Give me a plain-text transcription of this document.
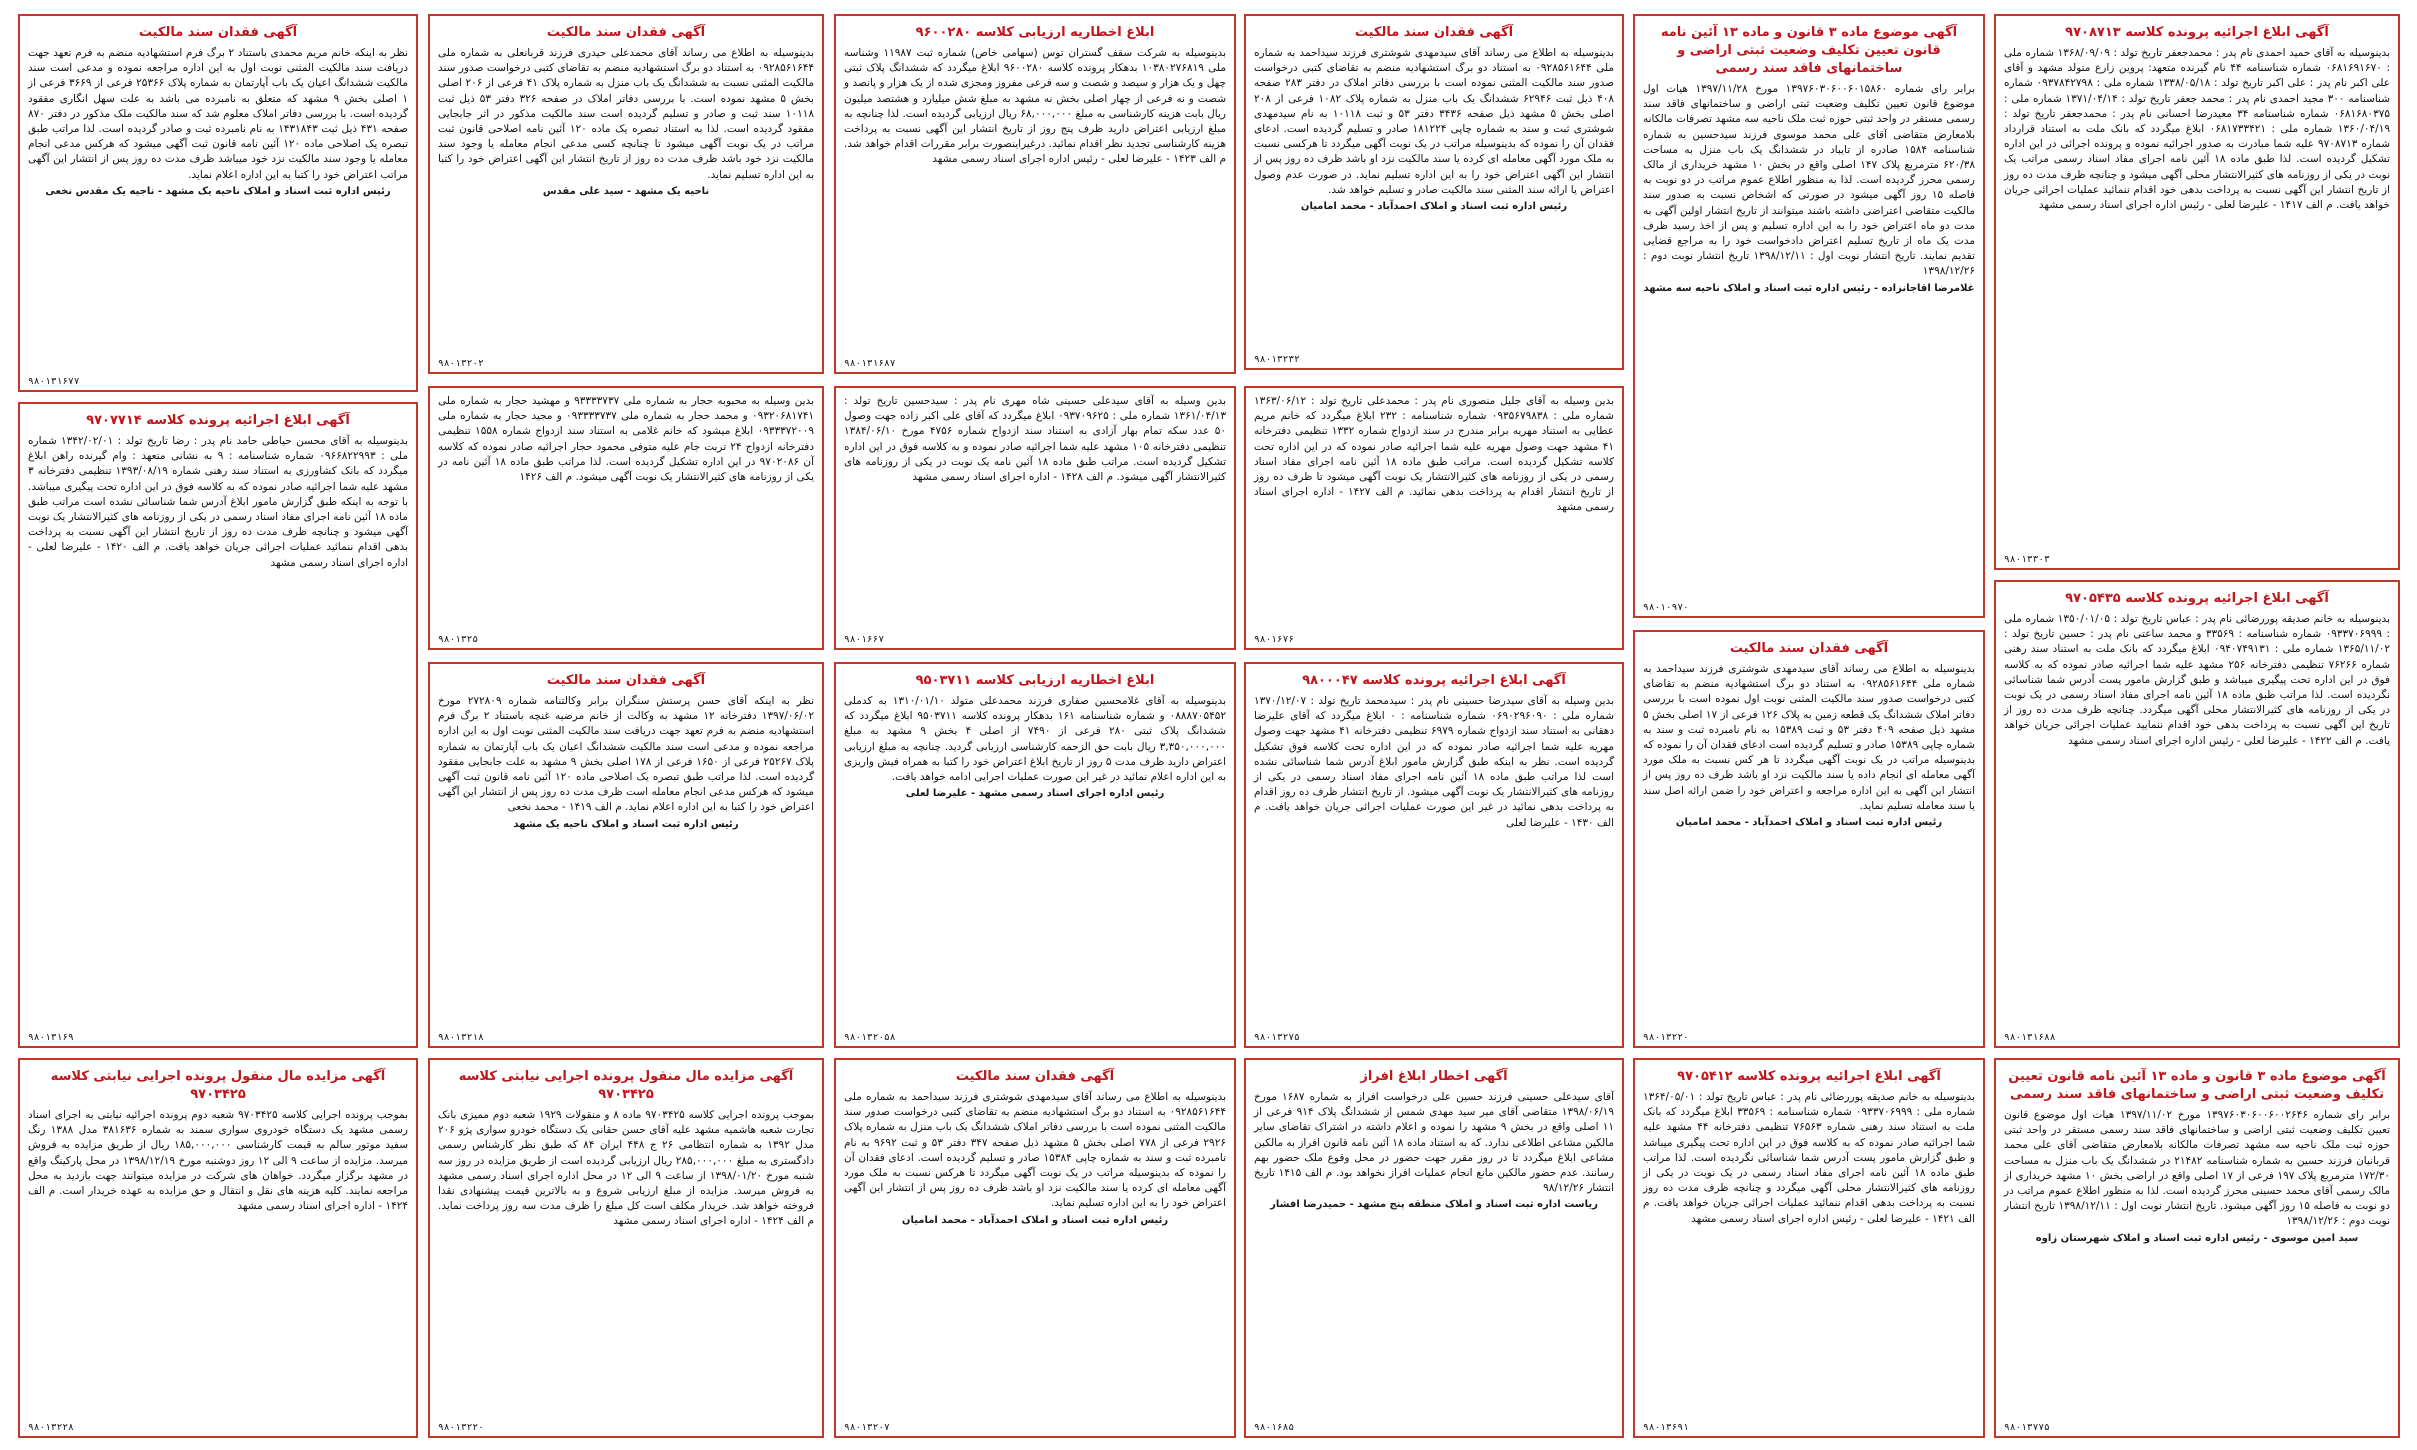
آگهی ابلاغ اجرائیه پرونده کلاسه ۹۷۰۸۷۱۳
بدینوسیله به آقای حمید احمدی نام پدر : محمدجعفر تاریخ تولد : ۱۳۶۸/۰۹/۰۹ شماره ملی : ۰۶۸۱۶۹۱۶۷۰ شماره شناسنامه ۴۴ نام گیرنده متعهد: پروین زارع متولد مشهد و آقای علی اکبر نام پدر : علی اکبر تاریخ تولد : ۱۳۳۸/۰۵/۱۸ شماره ملی : ۰۹۳۷۸۴۲۷۹۸ شماره شناسنامه ۳۰۰ مجید احمدی نام پدر : محمد جعفر تاریخ تولد : ۱۳۷۱/۰۴/۱۴ شماره ملی : ۰۶۸۱۶۸۰۳۷۵ شماره شناسنامه ۳۴ معیدرضا احسانی نام پدر : محمدجعفر تاریخ تولد : ۱۳۶۰/۰۴/۱۹ شماره ملی : ۰۶۸۱۷۳۳۴۲۱ ابلاغ میگردد که بانک ملت به استناد قرارداد شماره ۹۷۰۸۷۱۳ علیه شما مبادرت به صدور اجرائیه نموده و پرونده اجرائی در این اداره تشکیل گردیده است. لذا طبق ماده ۱۸ آئین نامه اجرای مفاد اسناد رسمی مراتب یک نوبت در یکی از روزنامه های کثیرالانتشار محلی آگهی میشود و چنانچه ظرف مدت ده روز از تاریخ انتشار این آگهی نسبت به پرداخت بدهی خود اقدام ننمائید عملیات اجرائی جریان خواهد یافت. م الف ۱۴۱۷ - علیرضا لعلی - رئیس اداره اجرای اسناد رسمی مشهد
۹۸۰۱۳۳۰۳
آگهی موضوع ماده ۳ قانون و ماده ۱۳ آئین نامه قانون تعیین تکلیف وضعیت ثبتی اراضی و ساختمانهای فاقد سند رسمی
برابر رای شماره ۱۳۹۷۶۰۳۰۶۰۰۶۰۱۵۸۶۰ مورخ ۱۳۹۷/۱۱/۲۸ هیات اول موضوع قانون تعیین تکلیف وضعیت ثبتی اراضی و ساختمانهای فاقد سند رسمی مستقر در واحد ثبتی حوزه ثبت ملک ناحیه سه مشهد تصرفات مالکانه بلامعارض متقاضی آقای علی محمد موسوی فرزند سیدحسین به شماره شناسنامه ۱۵۸۴ صادره از تایباد در ششدانگ یک باب منزل به مساحت ۶۲۰/۳۸ مترمربع پلاک ۱۴۷ اصلی واقع در بخش ۱۰ مشهد خریداری از مالک رسمی محرز گردیده است. لذا به منظور اطلاع عموم مراتب در دو نوبت به فاصله ۱۵ روز آگهی میشود در صورتی که اشخاص نسبت به صدور سند مالکیت متقاضی اعتراضی داشته باشند میتوانند از تاریخ انتشار اولین آگهی به مدت دو ماه اعتراض خود را به این اداره تسلیم و پس از اخذ رسید ظرف مدت یک ماه از تاریخ تسلیم اعتراض دادخواست خود را به مراجع قضایی تقدیم نمایند. تاریخ انتشار نوبت اول : ۱۳۹۸/۱۲/۱۱ تاریخ انتشار نوبت دوم : ۱۳۹۸/۱۲/۲۶
غلامرضا اقاجانزاده - رئیس اداره ثبت اسناد و املاک ناحیه سه مشهد
۹۸۰۱۰۹۷۰
آگهی فقدان سند مالکیت
بدینوسیله به اطلاع می رساند آقای سیدمهدی شوشتری فرزند سیداحمد به شماره ملی ۰۹۲۸۵۶۱۶۴۴ به استناد دو برگ استشهادیه منضم به تقاضای کتبی درخواست صدور سند مالکیت المثنی نموده است با بررسی دفاتر املاک در دفتر ۲۸۳ صفحه ۴۰۸ ذیل ثبت ۶۲۹۴۶ ششدانگ یک باب منزل به شماره پلاک ۱۰۸۲ فرعی از ۲۰۸ اصلی بخش ۵ مشهد ذیل صفحه ۳۴۳۶ دفتر ۵۳ و ثبت ۱۰۱۱۸ به نام سیدمهدی شوشتری ثبت و سند به شماره چاپی ۱۸۱۲۲۴ صادر و تسلیم گردیده است. ادعای فقدان آن را نموده که بدینوسیله مراتب در یک نوبت آگهی میگردد تا هرکسی نسبت به ملک مورد آگهی معامله ای کرده یا سند مالکیت نزد او باشد ظرف ده روز پس از انتشار این آگهی اعتراض خود را به این اداره تسلیم نماید. در صورت عدم وصول اعتراض یا ارائه سند المثنی سند مالکیت صادر و تسلیم خواهد شد.
رئیس اداره ثبت اسناد و املاک احمدآباد - محمد امامیان
۹۸۰۱۳۲۳۲
ابلاغ اخطاریه ارزیابی کلاسه ۹۶۰۰۲۸۰
بدینوسیله به شرکت سقف گستران توس (سهامی خاص) شماره ثبت ۱۱۹۸۷ وشناسه ملی ۱۰۳۸۰۲۷۶۸۱۹ بدهکار پرونده کلاسه ۹۶۰۰۲۸۰ ابلاغ میگردد که ششدانگ پلاک ثبتی چهل و یک هزار و سیصد و شصت و سه فرعی مفروز ومجزی شده از یک هزار و پانصد و شصت و نه فرعی از چهار اصلی بخش نه مشهد به مبلغ شش میلیارد و هشتصد میلیون ریال بابت هزینه کارشناسی به مبلغ ۶۸,۰۰۰,۰۰۰ ریال ارزیابی گردیده است. لذا چنانچه به مبلغ ارزیابی اعتراض دارید ظرف پنج روز از تاریخ انتشار این آگهی نسبت به پرداخت هزینه کارشناسی تجدید نظر اقدام نمائید. درغیراینصورت برابر مقررات اقدام خواهد شد. م الف ۱۴۲۳ - علیرضا لعلی - رئیس اداره اجرای اسناد رسمی مشهد
۹۸۰۱۳۱۶۸۷
آگهی فقدان سند مالکیت
بدینوسیله به اطلاع می رساند آقای محمدعلی حیدری فرزند قربانعلی به شماره ملی ۰۹۲۸۵۶۱۶۴۴ به استناد دو برگ استشهادیه منضم به تقاضای کتبی درخواست صدور سند مالکیت المثنی نسبت به ششدانگ یک باب منزل به شماره پلاک ۴۱ فرعی از ۲۰۶ اصلی بخش ۵ مشهد نموده است. با بررسی دفاتر املاک در صفحه ۳۲۶ دفتر ۵۳ ذیل ثبت ۱۰۱۱۸ سند ثبت و صادر و تسلیم گردیده است سند مالکیت مذکور در اثر جابجایی مفقود گردیده است. لذا به استناد تبصره یک ماده ۱۲۰ آئین نامه اصلاحی قانون ثبت مراتب در یک نوبت آگهی میشود تا چنانچه کسی مدعی انجام معامله یا وجود سند مالکیت نزد خود باشد ظرف مدت ده روز از تاریخ انتشار این آگهی اعتراض خود را کتبا به این اداره تسلیم نماید.
ناحیه یک مشهد - سید علی مقدس
۹۸۰۱۳۲۰۲
آگهی فقدان سند مالکیت
نظر به اینکه خانم مریم محمدی باستناد ۲ برگ فرم استشهادیه منضم به فرم تعهد جهت دریافت سند مالکیت المثنی نوبت اول به این اداره مراجعه نموده و مدعی است سند مالکیت ششدانگ اعیان یک باب آپارتمان به شماره پلاک ۲۵۳۶۶ فرعی از ۳۶۶۹ فرعی از ۱ اصلی بخش ۹ مشهد که متعلق به نامبرده می باشد به علت سهل انگاری مفقود گردیده است. با بررسی دفاتر املاک معلوم شد که سند مالکیت ملک مذکور در دفتر ۸۷۰ صفحه ۴۳۱ ذیل ثبت ۱۴۳۱۸۴۳ به نام نامبرده ثبت و صادر گردیده است. لذا مراتب طبق تبصره یک اصلاحی ماده ۱۲۰ آئین نامه قانون ثبت آگهی میشود که هرکس مدعی انجام معامله یا وجود سند مالکیت نزد خود میباشد ظرف مدت ده روز پس از انتشار این آگهی مراتب اعتراض خود را کتبا به این اداره اعلام نماید.
رئیس اداره ثبت اسناد و املاک ناحیه یک مشهد - ناجیه یک مقدس نخعی
۹۸۰۱۳۱۶۷۷
آگهی ابلاغ اجرائیه پرونده کلاسه ۹۷۰۵۴۳۵
بدینوسیله به خانم صدیقه پوررضائی نام پدر : عباس تاریخ تولد : ۱۳۵۰/۰۱/۰۵ شماره ملی : ۰۹۳۳۷۰۶۹۹۹ شماره شناسنامه : ۳۳۵۶۹ و محمد ساعتی نام پدر : حسین تاریخ تولد : ۱۳۶۵/۱۱/۰۲ شماره ملی : ۰۹۴۰۷۴۹۱۳۱ ابلاغ میگردد که بانک ملت به استناد سند رهنی شماره ۷۶۲۶۶ تنظیمی دفترخانه ۲۵۶ مشهد علیه شما اجرائیه صادر نموده که به کلاسه فوق در این اداره تحت پیگیری میباشد و طبق گزارش مامور پست آدرس شما شناسائی نگردیده است. لذا مراتب طبق ماده ۱۸ آئین نامه اجرای مفاد اسناد رسمی در یک نوبت در یکی از روزنامه های کثیرالانتشار محلی آگهی میگردد. چنانچه ظرف مدت ده روز از تاریخ این آگهی نسبت به پرداخت بدهی خود اقدام ننمایید عملیات اجرائی جریان خواهد یافت. م الف ۱۴۲۲ - علیرضا لعلی - رئیس اداره اجرای اسناد رسمی مشهد
۹۸۰۱۳۱۶۸۸
آگهی فقدان سند مالکیت
بدینوسیله به اطلاع می رساند آقای سیدمهدی شوشتری فرزند سیداحمد به شماره ملی ۰۹۲۸۵۶۱۶۴۴ به استناد دو برگ استشهادیه منضم به تقاضای کتبی درخواست صدور سند مالکیت المثنی نوبت اول نموده است با بررسی دفاتر املاک ششدانگ یک قطعه زمین به پلاک ۱۲۶ فرعی از ۱۷ اصلی بخش ۵ مشهد ذیل صفحه ۴۰۹ دفتر ۵۳ و ثبت ۱۵۳۸۹ به نام نامبرده ثبت و سند به شماره چاپی ۱۵۳۸۹ صادر و تسلیم گردیده است ادعای فقدان آن را نموده که بدینوسیله مراتب در یک نوبت آگهی میگردد تا هر کس نسبت به ملک مورد آگهی معامله ای انجام داده یا سند مالکیت نزد او باشد ظرف ده روز پس از انتشار این آگهی به این اداره مراجعه و اعتراض خود را ضمن ارائه اصل سند یا سند معامله تسلیم نماید.
رئیس اداره ثبت اسناد و املاک احمدآباد - محمد امامیان
۹۸۰۱۳۲۲۰
آگهی ابلاغ اجرائیه پرونده کلاسه ۹۸۰۰۰۴۷
بدین وسیله به آقای سیدرضا حسینی نام پدر : سیدمحمد تاریخ تولد : ۱۳۷۰/۱۲/۰۷ شماره ملی : ۰۶۹۰۲۹۶۰۹۰ شماره شناسنامه : ۰ ابلاغ میگردد که آقای علیرضا دهقانی به استناد سند ازدواج شماره ۶۹۷۹ تنظیمی دفترخانه ۴۱ مشهد جهت وصول مهریه علیه شما اجرائیه صادر نموده که در این اداره تحت کلاسه فوق تشکیل گردیده است. نظر به اینکه طبق گزارش مامور ابلاغ آدرس شما شناسائی نشده است لذا مراتب طبق ماده ۱۸ آئین نامه اجرای مفاد اسناد رسمی در یکی از روزنامه های کثیرالانتشار یک نوبت آگهی میشود. از تاریخ انتشار ظرف ده روز اقدام به پرداخت بدهی نمائید در غیر این صورت عملیات اجرائی جریان خواهد یافت. م الف ۱۴۳۰ - علیرضا لعلی
۹۸۰۱۳۲۷۵
ابلاغ اخطاریه ارزیابی کلاسه ۹۵۰۳۷۱۱
بدینوسیله به آقای غلامحسین صفاری فرزند محمدعلی متولد ۱۳۱۰/۰۱/۱۰ به کدملی ۰۸۸۸۷۰۵۴۵۲ و شماره شناسنامه ۱۶۱ بدهکار پرونده کلاسه ۹۵۰۳۷۱۱ ابلاغ میگردد که ششدانگ پلاک ثبتی ۲۸۰ فرعی از ۷۴۹۰ از اصلی ۴ بخش ۹ مشهد به مبلغ ۳,۳۵۰,۰۰۰,۰۰۰ ریال بابت حق الزحمه کارشناسی ارزیابی گردید. چنانچه به مبلغ ارزیابی اعتراض دارید ظرف مدت ۵ روز از تاریخ ابلاغ اعتراض خود را کتبا به همراه فیش واریزی به این اداره اعلام نمائید در غیر این صورت عملیات اجرایی ادامه خواهد یافت.
رئیس اداره اجرای اسناد رسمی مشهد - علیرضا لعلی
۹۸۰۱۳۲۰۵۸
آگهی فقدان سند مالکیت
نظر به اینکه آقای حسن پرستش سنگران برابر وکالتنامه شماره ۲۷۲۸۰۹ مورخ ۱۳۹۷/۰۶/۰۲ دفترخانه ۱۲ مشهد به وکالت از خانم مرضیه غنچه باستناد ۲ برگ فرم استشهادیه منضم به فرم تعهد جهت دریافت سند مالکیت المثنی نوبت اول به این اداره مراجعه نموده و مدعی است سند مالکیت ششدانگ اعیان یک باب آپارتمان به شماره پلاک ۲۵۲۶۷ فرعی از ۱۶۵۰ فرعی از ۱۷۸ اصلی بخش ۹ مشهد به علت جابجایی مفقود گردیده است. لذا مراتب طبق تبصره یک اصلاحی ماده ۱۲۰ آئین نامه قانون ثبت آگهی میشود که هرکس مدعی انجام معامله است ظرف مدت ده روز پس از انتشار این آگهی اعتراض خود را کتبا به این اداره اعلام نماید. م الف ۱۴۱۹ - محمد نخعی
رئیس اداره ثبت اسناد و املاک ناحیه یک مشهد
۹۸۰۱۳۲۱۸
آگهی ابلاغ اجرائیه پرونده کلاسه ۹۷۰۷۷۱۴
بدینوسیله به آقای محسن حیاطی حامد نام پدر : رضا تاریخ تولد : ۱۳۴۲/۰۲/۰۱ شماره ملی : ۰۹۶۶۸۲۲۹۹۳ شماره شناسنامه : ۹ به نشانی متعهد : وام گیرنده راهن ابلاغ میگردد که بانک کشاورزی به استناد سند رهنی شماره ۱۳۹۳/۰۸/۱۹ تنظیمی دفترخانه ۳ مشهد علیه شما اجرائیه صادر نموده که به کلاسه فوق در این اداره تحت پیگیری میباشد. با توجه به اینکه طبق گزارش مامور ابلاغ آدرس شما شناسائی نشده است مراتب طبق ماده ۱۸ آئین نامه اجرای مفاد اسناد رسمی در یکی از روزنامه های کثیرالانتشار یک نوبت آگهی میشود و چنانچه ظرف مدت ده روز از تاریخ انتشار این آگهی نسبت به پرداخت بدهی اقدام ننمائید عملیات اجرائی جریان خواهد یافت. م الف ۱۴۲۰ - علیرضا لعلی - اداره اجرای اسناد رسمی مشهد
۹۸۰۱۳۱۶۹
آگهی موضوع ماده ۳ قانون و ماده ۱۳ آئین نامه قانون تعیین تکلیف وضعیت ثبتی اراضی و ساختمانهای فاقد سند رسمی
برابر رای شماره ۱۳۹۷۶۰۳۰۶۰۰۶۰۰۲۶۴۶ مورخ ۱۳۹۷/۱۱/۰۲ هیات اول موضوع قانون تعیین تکلیف وضعیت ثبتی اراضی و ساختمانهای فاقد سند رسمی مستقر در واحد ثبتی حوزه ثبت ملک ناحیه سه مشهد تصرفات مالکانه بلامعارض متقاضی آقای علی محمد قربانیان فرزند حسین به شماره شناسنامه ۲۱۴۸۲ در ششدانگ یک باب منزل به مساحت ۱۷۲/۳۰ مترمربع پلاک ۱۹۷ فرعی از ۱۷ اصلی واقع در اراضی بخش ۱۰ مشهد خریداری از مالک رسمی آقای محمد حسینی محرز گردیده است. لذا به منظور اطلاع عموم مراتب در دو نوبت به فاصله ۱۵ روز آگهی میشود. تاریخ انتشار نوبت اول : ۱۳۹۸/۱۲/۱۱ تاریخ انتشار نوبت دوم : ۱۳۹۸/۱۲/۲۶
سید امین موسوی - رئیس اداره ثبت اسناد و املاک شهرستان زاوه
۹۸۰۱۳۷۷۵
آگهی ابلاغ اجرائیه پرونده کلاسه ۹۷۰۵۴۱۲
بدینوسیله به خانم صدیقه پوررضائی نام پدر : عباس تاریخ تولد : ۱۳۶۴/۰۵/۰۱ شماره ملی : ۰۹۳۳۷۰۶۹۹۹ شماره شناسنامه : ۳۳۵۶۹ ابلاغ میگردد که بانک ملت به استناد سند رهنی شماره ۷۶۵۶۳ تنظیمی دفترخانه ۴۴ مشهد علیه شما اجرائیه صادر نموده که به کلاسه فوق در این اداره تحت پیگیری میباشد و طبق گزارش مامور پست آدرس شما شناسائی نگردیده است. لذا مراتب طبق ماده ۱۸ آئین نامه اجرای مفاد اسناد رسمی در یک نوبت در یکی از روزنامه های کثیرالانتشار محلی آگهی میگردد و چنانچه ظرف مدت ده روز نسبت به پرداخت بدهی اقدام ننمائید عملیات اجرائی جریان خواهد یافت. م الف ۱۴۲۱ - علیرضا لعلی - رئیس اداره اجرای اسناد رسمی مشهد
۹۸۰۱۳۶۹۱
آگهی اخطار ابلاغ افراز
آقای سیدعلی حسینی فرزند حسین علی درخواست افراز به شماره ۱۶۸۷ مورخ ۱۳۹۸/۰۶/۱۹ متقاضی آقای میر سید مهدی شمس از ششدانگ پلاک ۹۱۴ فرعی از ۱۱ اصلی واقع در بخش ۹ مشهد را نموده و اعلام داشته در اشتراک تقاضای سایر مالکین مشاعی اطلاعی ندارد. که به استناد ماده ۱۸ آئین نامه قانون افراز به مالکین مشاعی ابلاغ میگردد تا در روز مقرر جهت حضور در محل وقوع ملک حضور بهم رسانند. عدم حضور مالکین مانع انجام عملیات افراز نخواهد بود. م الف ۱۴۱۵ تاریخ انتشار ۹۸/۱۲/۲۶
ریاست اداره ثبت اسناد و املاک منطقه پنج مشهد - حمیدرضا افشار
۹۸۰۱۶۸۵
آگهی فقدان سند مالکیت
بدینوسیله به اطلاع می رساند آقای سیدمهدی شوشتری فرزند سیداحمد به شماره ملی ۰۹۲۸۵۶۱۶۴۴ به استناد دو برگ استشهادیه منضم به تقاضای کتبی درخواست صدور سند مالکیت المثنی نموده است با بررسی دفاتر املاک ششدانگ یک باب منزل به شماره پلاک ۲۹۲۶ فرعی از ۷۷۸ اصلی بخش ۵ مشهد ذیل صفحه ۳۴۷ دفتر ۵۳ و ثبت ۹۶۹۲ به نام نامبرده ثبت و سند به شماره چاپی ۱۵۳۸۴ صادر و تسلیم گردیده است. ادعای فقدان آن را نموده که بدینوسیله مراتب در یک نوبت آگهی میگردد تا هرکس نسبت به ملک مورد آگهی معامله ای کرده یا سند مالکیت نزد او باشد ظرف ده روز پس از انتشار این آگهی اعتراض خود را به این اداره تسلیم نماید.
رئیس اداره ثبت اسناد و املاک احمدآباد - محمد امامیان
۹۸۰۱۳۲۰۷
آگهی مزایده مال منقول پرونده اجرایی نیابتی کلاسه ۹۷۰۳۴۲۵
بموجب پرونده اجرایی کلاسه ۹۷۰۳۴۲۵ ماده ۸ و منقولات ۱۹۲۹ شعبه دوم ممیزی بانک تجارت شعبه هاشمیه مشهد علیه آقای حسن حقانی یک دستگاه خودرو سواری پژو ۲۰۶ مدل ۱۳۹۲ به شماره انتظامی ۲۶ ج ۴۴۸ ایران ۸۴ که طبق نظر کارشناس رسمی دادگستری به مبلغ ۲۸۵,۰۰۰,۰۰۰ ریال ارزیابی گردیده است از طریق مزایده در روز سه شنبه مورخ ۱۳۹۸/۰۱/۲۰ از ساعت ۹ الی ۱۲ در محل اداره اجرای اسناد رسمی مشهد به فروش میرسد. مزایده از مبلغ ارزیابی شروع و به بالاترین قیمت پیشنهادی نقدا فروخته خواهد شد. خریدار مکلف است کل مبلغ را ظرف مدت سه روز پرداخت نماید. م الف ۱۴۲۴ - اداره اجرای اسناد رسمی مشهد
۹۸۰۱۳۲۲۰
آگهی مزایده مال منقول پرونده اجرایی نیابتی کلاسه ۹۷۰۳۴۲۵
بموجب پرونده اجرایی کلاسه ۹۷۰۳۴۲۵ شعبه دوم پرونده اجرائیه نیابتی به اجرای اسناد رسمی مشهد یک دستگاه خودروی سواری سمند به شماره ۳۸۱۶۳۶ مدل ۱۳۸۸ رنگ سفید موتور سالم به قیمت کارشناسی ۱۸۵,۰۰۰,۰۰۰ ریال از طریق مزایده به فروش میرسد. مزایده از ساعت ۹ الی ۱۲ روز دوشنبه مورخ ۱۳۹۸/۱۲/۱۹ در محل پارکینگ واقع در مشهد برگزار میگردد. خواهان های شرکت در مزایده میتوانند جهت بازدید به محل مراجعه نمایند. کلیه هزینه های نقل و انتقال و حق مزایده به عهده خریدار است. م الف ۱۴۲۴ - اداره اجرای اسناد رسمی مشهد
۹۸۰۱۳۲۲۸
بدین وسیله به آقای جلیل منصوری نام پدر : محمدعلی تاریخ تولد : ۱۳۶۳/۰۶/۱۲ شماره ملی : ۰۹۳۵۶۷۹۸۳۸ شماره شناسنامه : ۲۳۲ ابلاغ میگردد که خانم مریم عطایی به استناد مهریه برابر مندرج در سند ازدواج شماره ۱۳۳۲ تنظیمی دفترخانه ۴۱ مشهد جهت وصول مهریه علیه شما اجرائیه صادر نموده که در این اداره تحت کلاسه تشکیل گردیده است. مراتب طبق ماده ۱۸ آئین نامه اجرای مفاد اسناد رسمی در یکی از روزنامه های کثیرالانتشار یک نوبت آگهی میشود تا ظرف ده روز از تاریخ انتشار اقدام به پرداخت بدهی نمائید. م الف ۱۴۲۷ - اداره اجرای اسناد رسمی مشهد
۹۸۰۱۶۷۶
بدین وسیله به آقای سیدعلی حسینی شاه مهری نام پدر : سیدحسین تاریخ تولد : ۱۳۶۱/۰۴/۱۳ شماره ملی : ۰۹۳۷۰۹۶۲۵ ابلاغ میگردد که آقای علی اکبر زاده جهت وصول ۵۰ عدد سکه تمام بهار آزادی به استناد سند ازدواج شماره ۴۷۵۶ مورخ ۱۳۸۴/۰۶/۱۰ تنظیمی دفترخانه ۱۰۵ مشهد علیه شما اجرائیه صادر نموده و به کلاسه فوق در این اداره تشکیل گردیده است. مراتب طبق ماده ۱۸ آئین نامه یک نوبت در یکی از روزنامه های کثیرالانتشار آگهی میشود. م الف ۱۴۲۸ - اداره اجرای اسناد رسمی مشهد
۹۸۰۱۶۶۷
بدین وسیله به محبوبه حجار به شماره ملی ۹۳۳۳۳۷۳۷ و مهشید حجار به شماره ملی ۰۹۳۲۰۶۸۱۷۴۱ و محمد حجار به شماره ملی ۰۹۳۳۳۳۷۳۷ و مجید حجار به شماره ملی ۰۹۳۳۳۷۲۰۰۹ ابلاغ میشود که خانم غلامی به استناد سند ازدواج شماره ۱۵۵۸ تنظیمی دفترخانه ازدواج ۲۴ تربت جام علیه متوفی محمود حجار اجرائیه صادر نموده که کلاسه آن ۹۷۰۲۰۸۶ در این اداره تشکیل گردیده است. لذا مراتب طبق ماده ۱۸ آئین نامه در یکی از روزنامه های کثیرالانتشار یک نوبت آگهی میشود. م الف ۱۴۲۶
۹۸۰۱۳۲۵
